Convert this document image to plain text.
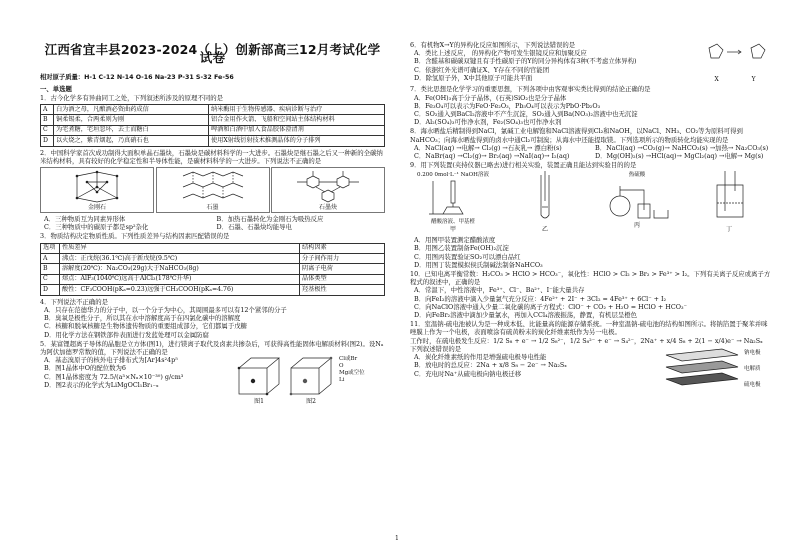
江西省宜丰县2023-2024（上）创新部高三12月考试化学试卷
相对原子质量：H-1 C-12 N-14 O-16 Na-23 P-31 S-32 Fe-56
一、单选题

1．古今化学多有异曲同工之处，下列叙述所涉及的原理不同的是

A	白为酒之母，凡酿酒必资曲药成信	纳米酶用于生物传感器、疾病诊断与治疗
B	铜柔锡柔，合两柔则为刚	铝合金用作火箭、飞船和空间站主体结构材料
C	为宅煮糖，宅垣忽坏，去土而糖白	啤酒和白酒中加入食品胶体澄清剂
D	以火烧之，紫青烟起，乃真硝石也	使用X射线衍射技术推测晶体的分子排列

2．中国科学家首次成功制得大面积单晶石墨炔，石墨炔是碳材料科学的一大进步。石墨炔是继石墨之后又一种新的全碳纳米结构材料，具有较好的化学稳定性和半导体性能，是碳材料科学的一大进步。下列说法不正确的是

金刚石	石墨	石墨炔
A．三种物质互为同素异形体	B．加热石墨转化为金刚石为吸热反应
C．三种物质中的碳原子都是sp²杂化	D．石墨、石墨炔均能导电

3．物质结构决定物质性质。下列性质差异与结构因素匹配错误的是

选项	性质差异	结构因素
A	沸点：正戊烷(36.1℃)高于新戊烷(9.5℃)	分子间作用力
B	溶解度(20℃)：Na₂CO₃(29g)大于NaHCO₃(8g)	阴离子电荷
C	熔点：AlF₃(1040℃)远高于AlCl₃(178℃升华)	晶体类型
D	酸性：CF₃COOH(pKₐ=0.23)远强于CH₃COOH(pKₐ=4.76)	羟基极性

4．下列说法不正确的是

A．只存在范德华力的分子中，以一个分子为中心，其周围最多可以有12个紧邻的分子

B．臭氧是极性分子，所以其在水中溶解度高于在四氯化碳中的溶解度

C．核糖和脱氧核糖是生物体遗传物质的重要组成部分，它们都属于戊糖

D．用化学方法在钢铁部件表面进行发蓝处理可以金属防腐

5．某富锂超离子导体的晶胞是立方体(图1)，进行镁离子取代及卤素共掺杂后，可获得高性能固体电解质材料(图2)。设Nₐ为阿伏加德罗常数的值，下列说法不正确的是

A．基态溴原子的核外电子排布式为[Ar]4s²4p⁵

B．图1晶体中O的配位数为6

C．图1晶体密度为 72.5/(a³×Nₐ×10⁻³⁰) g/cm³

D．图2表示的化学式为LiMgOCl₁Br₁₋ₓ

图1	图2
Cl或Br
O
Mg或空位
Li

6．有机物X→Y的异构化反应如图所示，下列说法错误的是

A．类比上述反应， 的异构化产物可发生银镜反应和加聚反应

B．含醛基和碳碳双键且有手性碳原子的Y的同分异构体有3种(不考虑立体异构)

C．依据红外光谱可确证X、Y存在不同的官能团

D．除氢原子外，X中其他原子可能共平面	X	Y

7．类比思想是化学学习的重要思想，下列各项中由客观事实类比得到的结论正确的是

A．Fe(OH)₃高于分子晶体，(石英)SiO₂也是分子晶体

B．Fe₃O₄可以表示为FeO·Fe₂O₃，Pb₃O₄可以表示为PbO·Pb₂O₃

C．SO₂通入到BaCl₂溶液中不产生沉淀，SO₂通入到Ba(NO₃)₂溶液中也无沉淀

D．Al₂(SO₄)₃可作净水剂，Fe₂(SO₄)₃也可作净水剂

8．海水晒盐后精制得到NaCl，氯碱工业电解饱和NaCl溶液得到Cl₂和NaOH，以NaCl、NH₃、CO₂等为原料可得到NaHCO₃；向海水晒盐得到的卤水中通Cl₂可制溴；从海水中还能提取镁。下列选项所示的物质转化均能实现的是

A．NaCl(aq) →电解→ Cl₂(g) →石灰乳→ 漂白粉(s)	B．NaCl(aq) →CO₂(g)→ NaHCO₃(s) →加热→ Na₂CO₃(s)
C．NaBr(aq) →Cl₂(g)→ Br₂(aq) →NaI(aq)→ I₂(aq)	D．Mg(OH)₂(s) →HCl(aq)→ MgCl₂(aq) →电解→ Mg(s)

9．用下列装置(夹持仪器已略去)进行相关实验，装置正确且能达到实验目的的是

0.200 0mol·L⁻¹ NaOH溶液
醋酸溶液、甲基橙
甲	乙
热硫酸
丙
丁

A．用图甲装置测定醋酸浓度

B．用图乙装置制备Fe(OH)₂沉淀

C．用图丙装置验证SO₂可以漂白品红

D．用图丁装置模拟侯氏制碱法制备NaHCO₃

10．已知电离平衡常数：H₂CO₃ > HClO > HCO₃⁻，氧化性：HClO > Cl₂ > Br₂ > Fe³⁺ > I₂。下列有关离子反应或离子方程式的叙述中，正确的是

A．常温下，中性溶液中，Fe³⁺、Cl⁻、Ba²⁺、I⁻能大量共存

B．向FeI₂的溶液中滴入少量氯气充分反应：4Fe²⁺ + 2I⁻ + 3Cl₂ = 4Fe³⁺ + 6Cl⁻ + I₂

C．向NaClO溶液中通入少量二氧化碳的离子方程式：ClO⁻ + CO₂ + H₂O = HClO + HCO₃⁻

D．向FeBr₂溶液中滴加少量氯水，再加入CCl₄溶液振荡，静置，有机层呈橙色

11．室温钠-硫电池被认为是一种成本低、比能量高的能源存储系统。一种室温钠-硫电池的结构如图所示。将钠箔置于聚苯并咪唑膜上作为一个电极，表面喷涂有硫黄粉末的炭化纤维素纸作为另一电极。

工作时，在硫电极发生反应：1/2 S₈ + e⁻ → 1/2 S₈²⁻，1/2 S₈²⁻ + e⁻ → S₄²⁻，2Na⁺ + x/4 S₈ + 2(1 − x/4)e⁻ → Na₂Sₓ

下列叙述错误的是

A．炭化纤维素纸的作用是增强硫电极导电性能

B．放电时的总反应：2Na + x/8 S₈ − 2e⁻ → Na₂Sₓ

C．充电时Na⁺从硫电极向钠电极迁移

钠电极
电解质
硫电极
1
